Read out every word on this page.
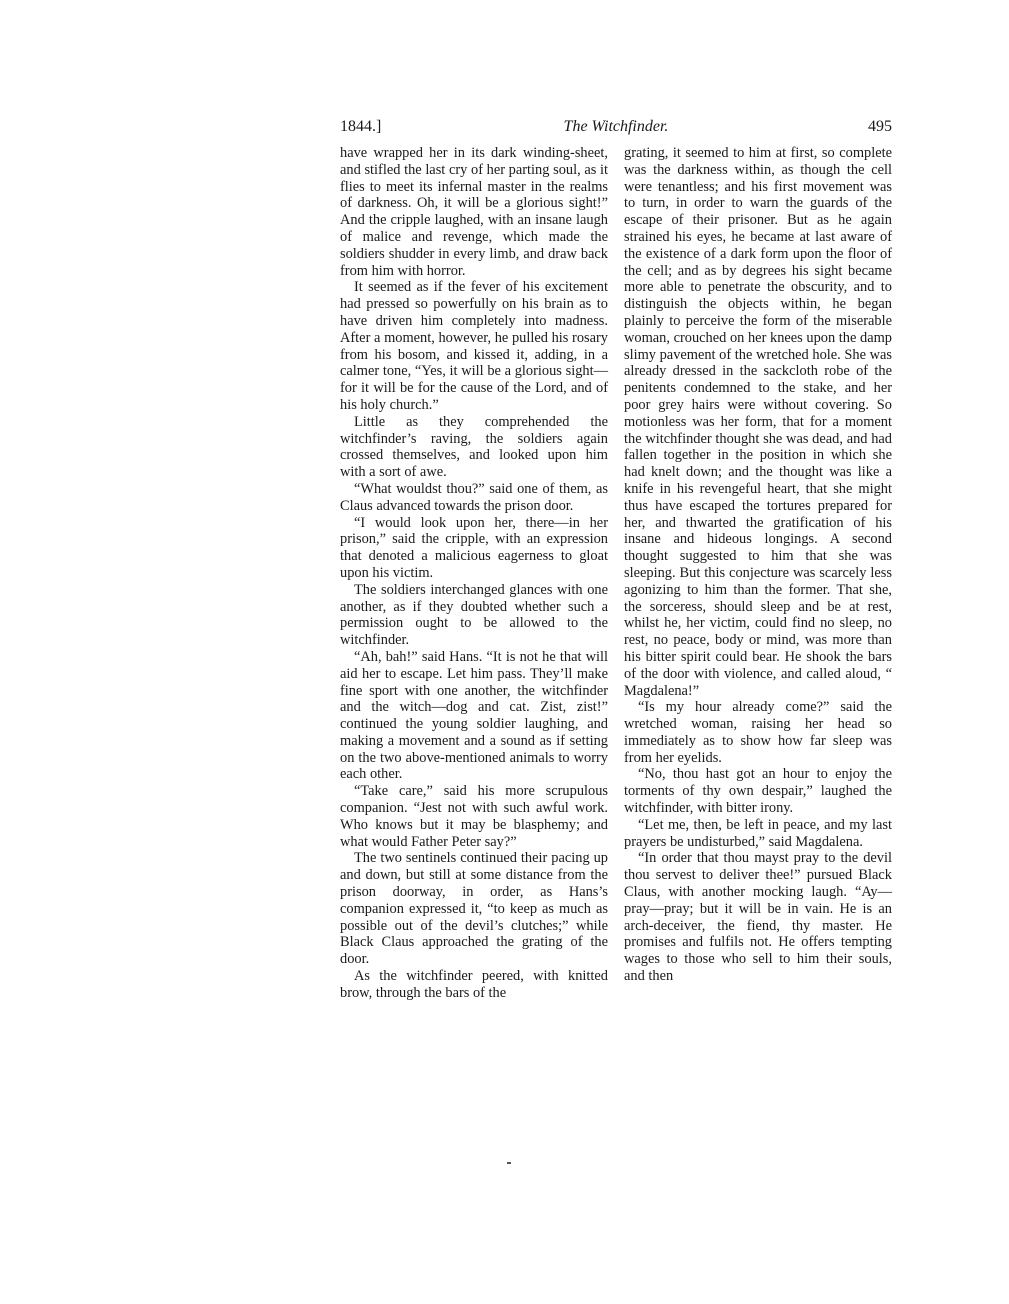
1844.]	The Witchfinder.	495

have wrapped her in its dark winding-sheet, and stifled the last cry of her parting soul, as it flies to meet its infernal master in the realms of darkness. Oh, it will be a glorious sight!” And the cripple laughed, with an insane laugh of malice and revenge, which made the soldiers shudder in every limb, and draw back from him with horror.

It seemed as if the fever of his excitement had pressed so powerfully on his brain as to have driven him completely into madness. After a moment, however, he pulled his rosary from his bosom, and kissed it, adding, in a calmer tone, “Yes, it will be a glorious sight—for it will be for the cause of the Lord, and of his holy church.”

Little as they comprehended the witchfinder’s raving, the soldiers again crossed themselves, and looked upon him with a sort of awe.

“What wouldst thou?” said one of them, as Claus advanced towards the prison door.

“I would look upon her, there—in her prison,” said the cripple, with an expression that denoted a malicious eagerness to gloat upon his victim.

The soldiers interchanged glances with one another, as if they doubted whether such a permission ought to be allowed to the witchfinder.

“Ah, bah!” said Hans. “It is not he that will aid her to escape. Let him pass. They’ll make fine sport with one another, the witchfinder and the witch—dog and cat. Zist, zist!” continued the young soldier laughing, and making a movement and a sound as if setting on the two above-mentioned animals to worry each other.

“Take care,” said his more scrupulous companion. “Jest not with such awful work. Who knows but it may be blasphemy; and what would Father Peter say?”

The two sentinels continued their pacing up and down, but still at some distance from the prison doorway, in order, as Hans’s companion expressed it, “to keep as much as possible out of the devil’s clutches;” while Black Claus approached the grating of the door.

As the witchfinder peered, with knitted brow, through the bars of the

grating, it seemed to him at first, so complete was the darkness within, as though the cell were tenantless; and his first movement was to turn, in order to warn the guards of the escape of their prisoner. But as he again strained his eyes, he became at last aware of the existence of a dark form upon the floor of the cell; and as by degrees his sight became more able to penetrate the obscurity, and to distinguish the objects within, he began plainly to perceive the form of the miserable woman, crouched on her knees upon the damp slimy pavement of the wretched hole. She was already dressed in the sackcloth robe of the penitents condemned to the stake, and her poor grey hairs were without covering. So motionless was her form, that for a moment the witchfinder thought she was dead, and had fallen together in the position in which she had knelt down; and the thought was like a knife in his revengeful heart, that she might thus have escaped the tortures prepared for her, and thwarted the gratification of his insane and hideous longings. A second thought suggested to him that she was sleeping. But this conjecture was scarcely less agonizing to him than the former. That she, the sorceress, should sleep and be at rest, whilst he, her victim, could find no sleep, no rest, no peace, body or mind, was more than his bitter spirit could bear. He shook the bars of the door with violence, and called aloud, “ Magdalena!”

“Is my hour already come?” said the wretched woman, raising her head so immediately as to show how far sleep was from her eyelids.

“No, thou hast got an hour to enjoy the torments of thy own despair,” laughed the witchfinder, with bitter irony.

“Let me, then, be left in peace, and my last prayers be undisturbed,” said Magdalena.

“In order that thou mayst pray to the devil thou servest to deliver thee!” pursued Black Claus, with another mocking laugh. “Ay—pray—pray; but it will be in vain. He is an arch-deceiver, the fiend, thy master. He promises and fulfils not. He offers tempting wages to those who sell to him their souls, and then
